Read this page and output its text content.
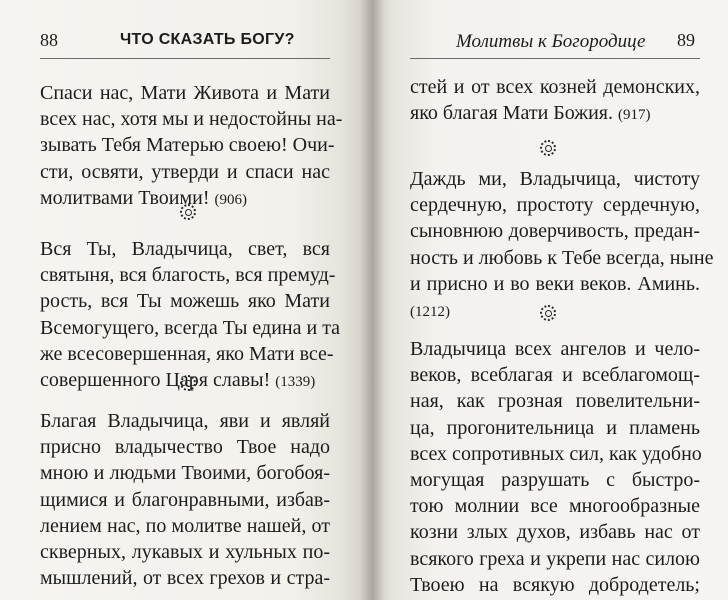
88	ЧТО СКАЗАТЬ БОГУ?
Спаси нас, Мати Живота и Мати
всех нас, хотя мы и недостойны на-
зывать Тебя Матерью своею! Очи-
сти, освяти, утверди и спаси нас
молитвами Твоими! (906)
Вся Ты, Владычица, свет, вся
святыня, вся благость, вся премуд-
рость, вся Ты можешь яко Мати
Всемогущего, всегда Ты едина и та
же всесовершенная, яко Мати все-
совершенного Царя славы! (1339)
Благая Владычица, яви и являй
присно владычество Твое надо
мною и людьми Твоими, богобоя-
щимися и благонравными, избав-
лением нас, по молитве нашей, от
скверных, лукавых и хульных по-
мышлений, от всех грехов и стра-
Молитвы к Богородице 89
стей и от всех козней демонских,
яко благая Мати Божия. (917)
Даждь ми, Владычица, чистоту
сердечную, простоту сердечную,
сыновнюю доверчивость, предан-
ность и любовь к Тебе всегда, ныне
и присно и во веки веков. Аминь.
(1212)
Владычица всех ангелов и чело-
веков, всеблагая и всеблагомощ-
ная, как грозная повелительни-
ца, прогонительница и пламень
всех сопротивных сил, как удобно
могущая разрушать с быстро-
тою молнии все многообразные
козни злых духов, избавь нас от
всякого греха и укрепи нас силою
Твоею на всякую добродетель;
